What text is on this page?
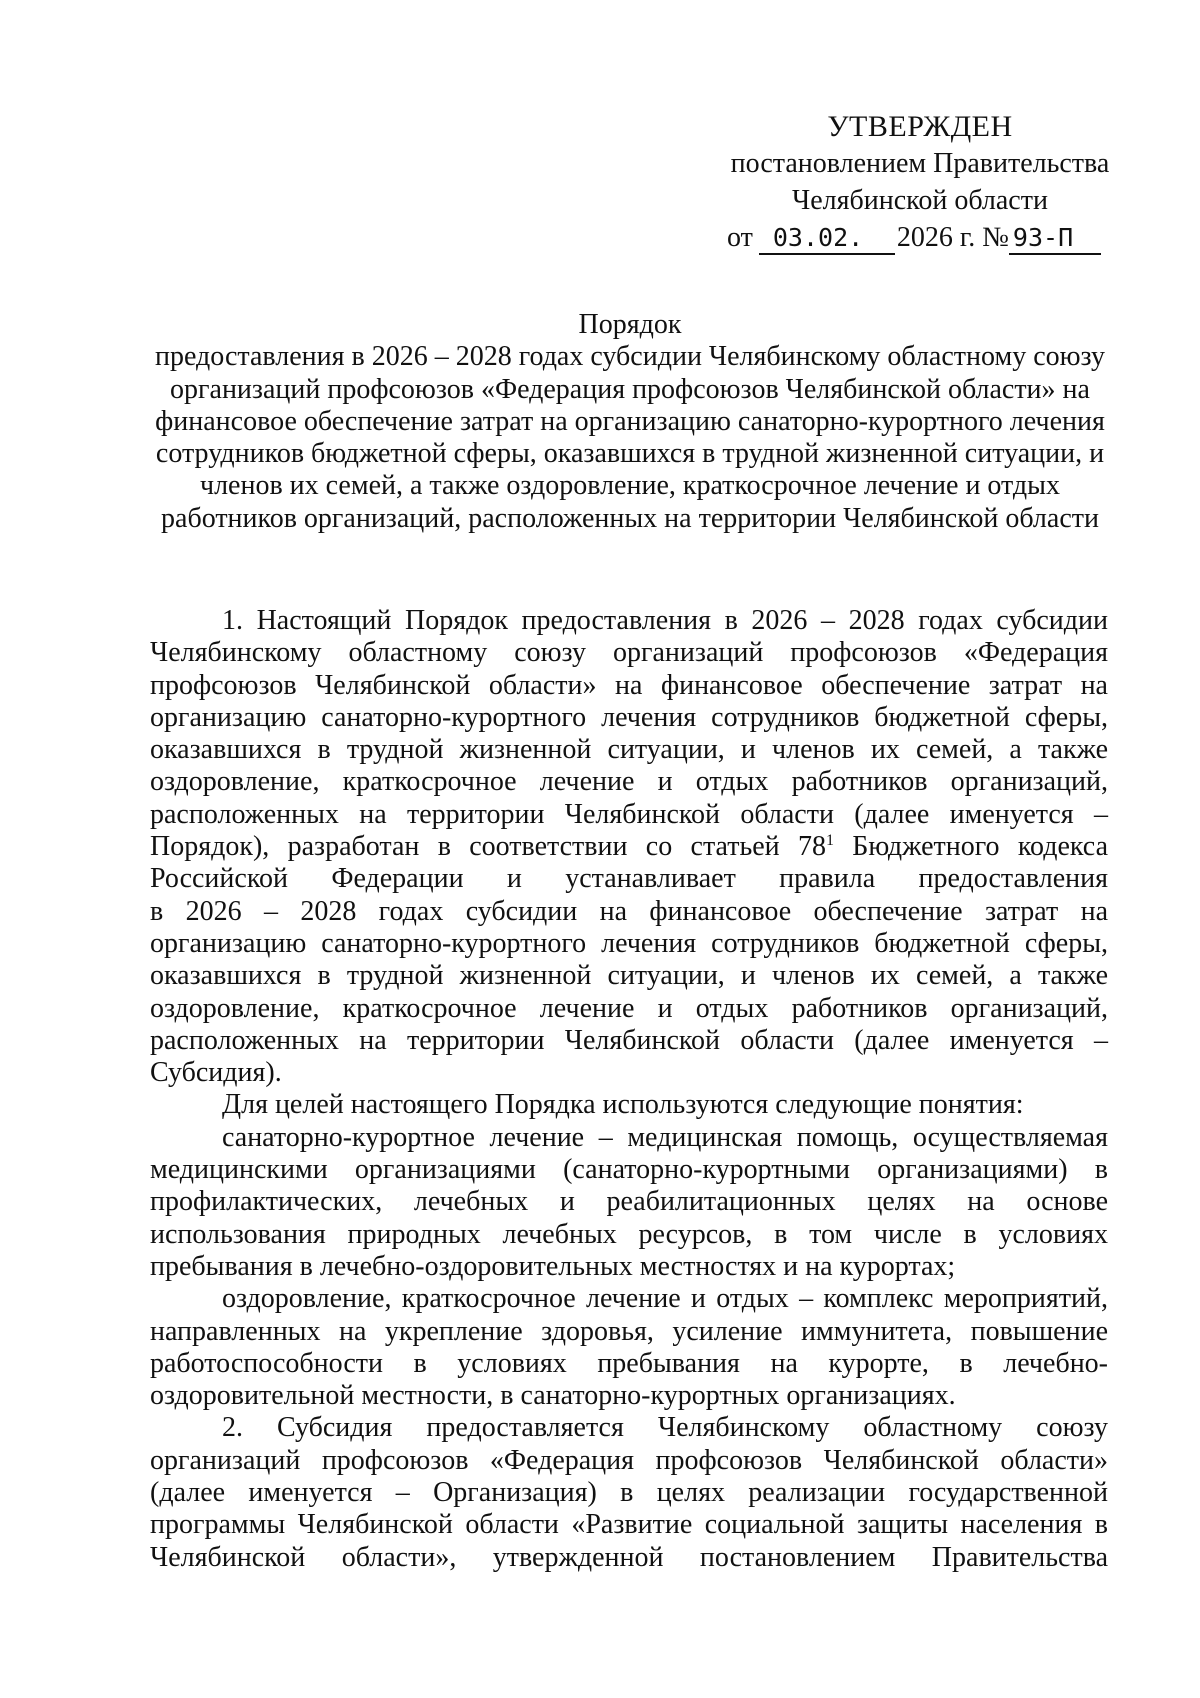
УТВЕРЖДЕН
постановлением Правительства
Челябинской области
от 03.02. 2026 г. № 93-П
Порядок
предоставления в 2026 – 2028 годах субсидии Челябинскому областному союзу
организаций профсоюзов «Федерация профсоюзов Челябинской области» на
финансовое обеспечение затрат на организацию санаторно-курортного лечения
сотрудников бюджетной сферы, оказавшихся в трудной жизненной ситуации, и
членов их семей, а также оздоровление, краткосрочное лечение и отдых
работников организаций, расположенных на территории Челябинской области
1. Настоящий Порядок предоставления в 2026 – 2028 годах субсидии
Челябинскому областному союзу организаций профсоюзов «Федерация
профсоюзов Челябинской области» на финансовое обеспечение затрат на
организацию санаторно-курортного лечения сотрудников бюджетной сферы,
оказавшихся в трудной жизненной ситуации, и членов их семей, а также
оздоровление, краткосрочное лечение и отдых работников организаций,
расположенных на территории Челябинской области (далее именуется –
Порядок), разработан в соответствии со статьей $78^1$ Бюджетного кодекса
Российской Федерации и устанавливает правила предоставления
в 2026 – 2028 годах субсидии на финансовое обеспечение затрат на
организацию санаторно-курортного лечения сотрудников бюджетной сферы,
оказавшихся в трудной жизненной ситуации, и членов их семей, а также
оздоровление, краткосрочное лечение и отдых работников организаций,
расположенных на территории Челябинской области (далее именуется –
Субсидия).
Для целей настоящего Порядка используются следующие понятия:
санаторно-курортное лечение – медицинская помощь, осуществляемая
медицинскими организациями (санаторно-курортными организациями) в
профилактических, лечебных и реабилитационных целях на основе
использования природных лечебных ресурсов, в том числе в условиях
пребывания в лечебно-оздоровительных местностях и на курортах;
оздоровление, краткосрочное лечение и отдых – комплекс мероприятий,
направленных на укрепление здоровья, усиление иммунитета, повышение
работоспособности в условиях пребывания на курорте, в лечебно-
оздоровительной местности, в санаторно-курортных организациях.
2. Субсидия предоставляется Челябинскому областному союзу
организаций профсоюзов «Федерация профсоюзов Челябинской области»
(далее именуется – Организация) в целях реализации государственной
программы Челябинской области «Развитие социальной защиты населения в
Челябинской области», утвержденной постановлением Правительства
